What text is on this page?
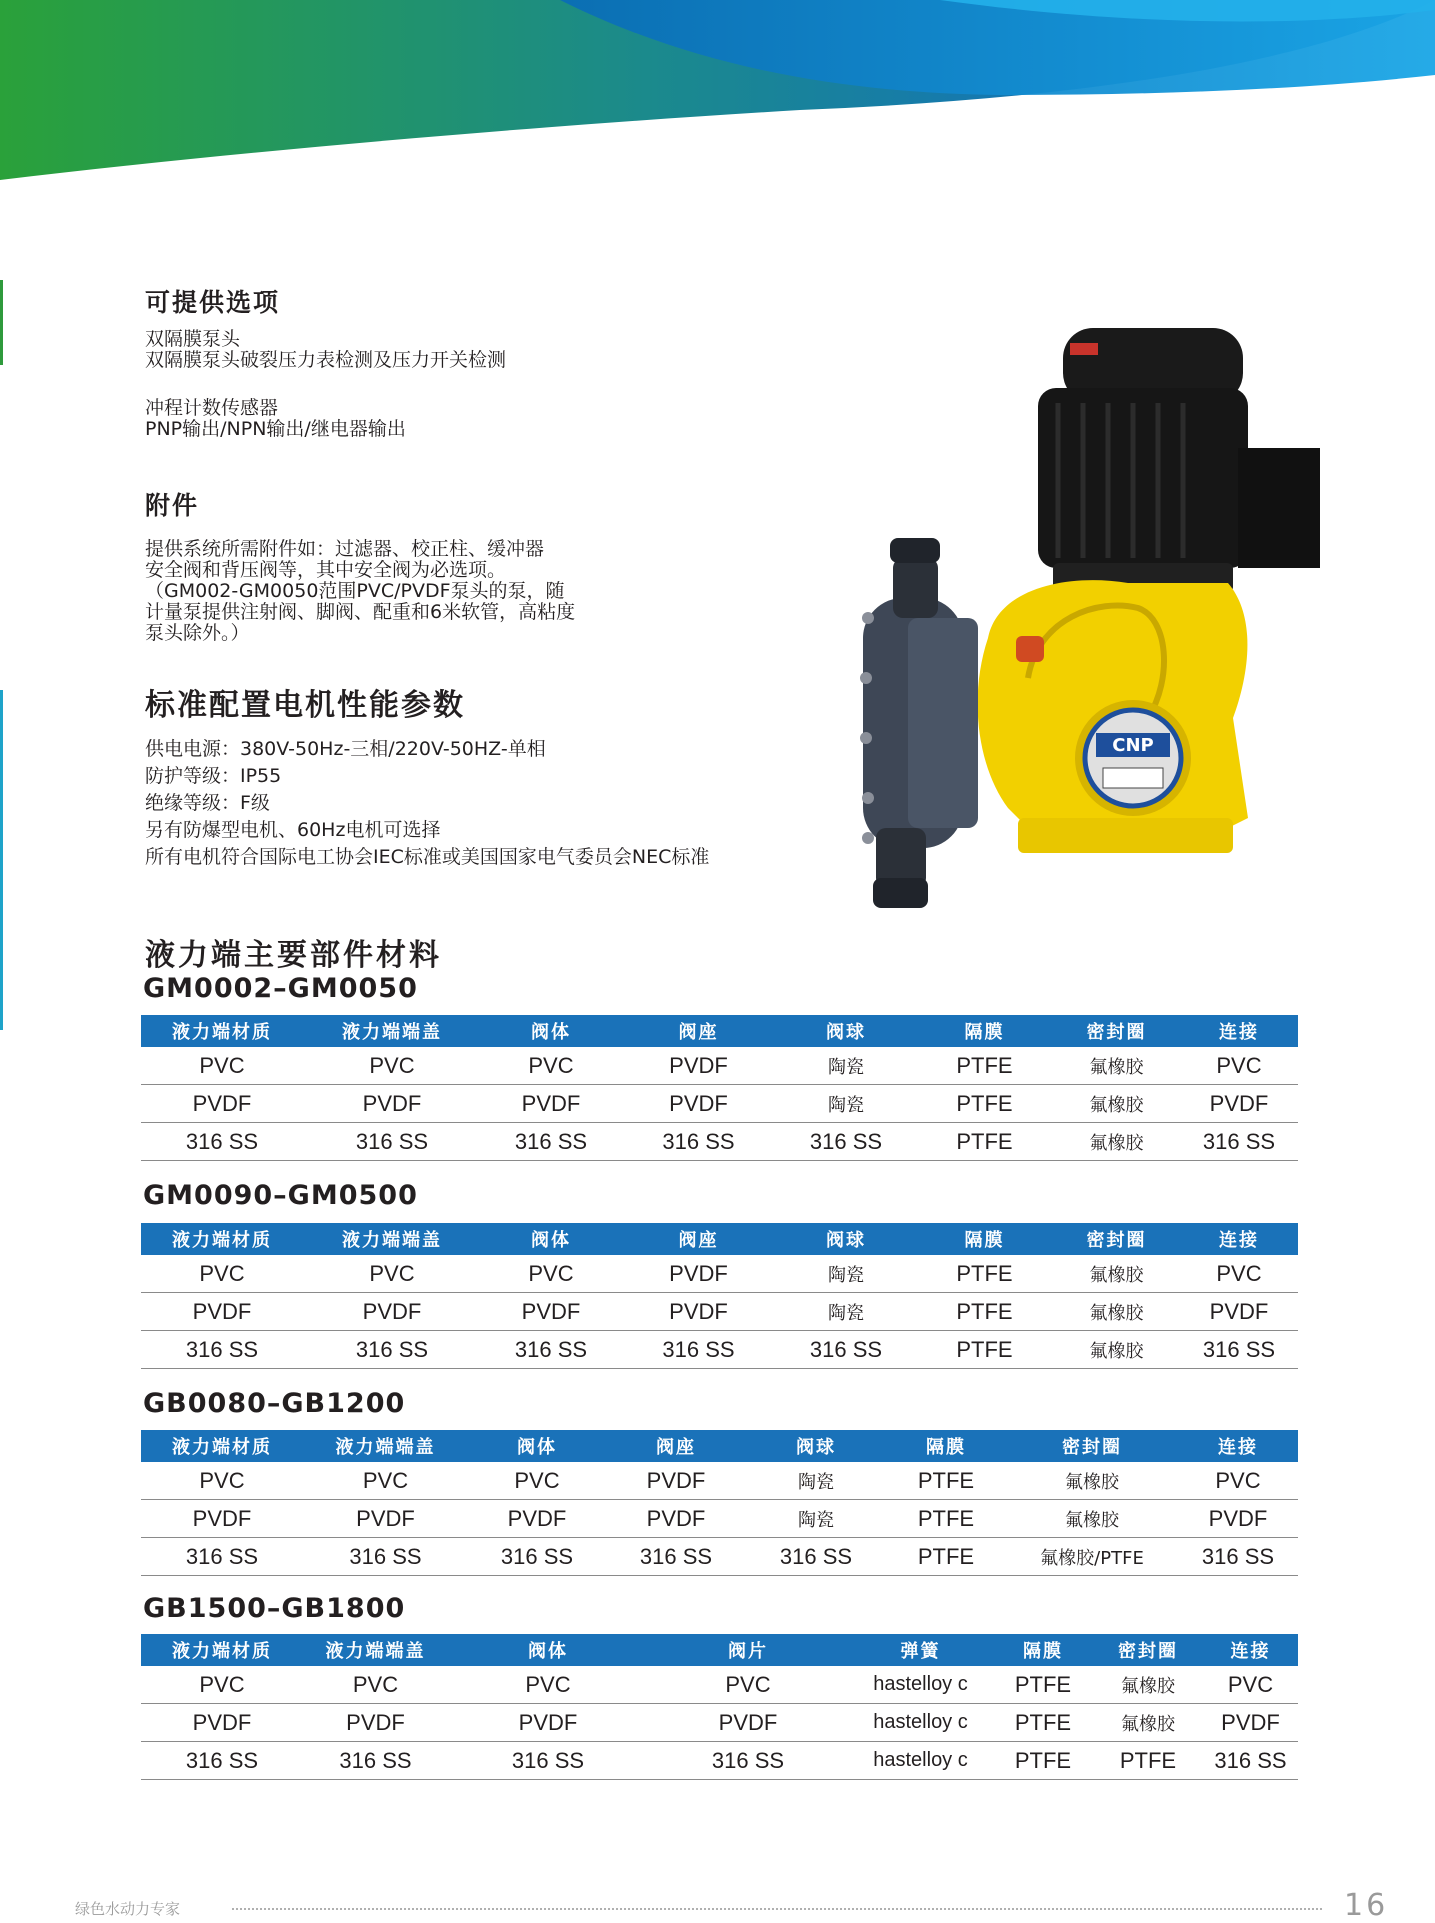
可提供选项
双隔膜泵头
双隔膜泵头破裂压力表检测及压力开关检测
冲程计数传感器
PNP输出/NPN输出/继电器输出
附件
提供系统所需附件如：过滤器、校正柱、缓冲器
安全阀和背压阀等，其中安全阀为必选项。
（GM002-GM0050范围PVC/PVDF泵头的泵，随
计量泵提供注射阀、脚阀、配重和6米软管，高粘度
泵头除外。）
标准配置电机性能参数
供电电源：380V-50Hz-三相/220V-50HZ-单相
防护等级：IP55
绝缘等级：F级
另有防爆型电机、60Hz电机可选择
所有电机符合国际电工协会IEC标准或美国国家电气委员会NEC标准
CNP
液力端主要部件材料
GM0002–GM0050
液力端材质	液力端端盖	阀体	阀座	阀球	隔膜	密封圈	连接
PVC	PVC	PVC	PVDF	陶瓷	PTFE	氟橡胶	PVC
PVDF	PVDF	PVDF	PVDF	陶瓷	PTFE	氟橡胶	PVDF
316 SS	316 SS	316 SS	316 SS	316 SS	PTFE	氟橡胶	316 SS
GM0090–GM0500
液力端材质	液力端端盖	阀体	阀座	阀球	隔膜	密封圈	连接
PVC	PVC	PVC	PVDF	陶瓷	PTFE	氟橡胶	PVC
PVDF	PVDF	PVDF	PVDF	陶瓷	PTFE	氟橡胶	PVDF
316 SS	316 SS	316 SS	316 SS	316 SS	PTFE	氟橡胶	316 SS
GB0080–GB1200
液力端材质	液力端端盖	阀体	阀座	阀球	隔膜	密封圈	连接
PVC	PVC	PVC	PVDF	陶瓷	PTFE	氟橡胶	PVC
PVDF	PVDF	PVDF	PVDF	陶瓷	PTFE	氟橡胶	PVDF
316 SS	316 SS	316 SS	316 SS	316 SS	PTFE	氟橡胶/PTFE	316 SS
GB1500–GB1800
液力端材质	液力端端盖	阀体	阀片	弹簧	隔膜	密封圈	连接
PVC	PVC	PVC	PVC	hastelloy c	PTFE	氟橡胶	PVC
PVDF	PVDF	PVDF	PVDF	hastelloy c	PTFE	氟橡胶	PVDF
316 SS	316 SS	316 SS	316 SS	hastelloy c	PTFE	PTFE	316 SS
绿色水动力专家	16
